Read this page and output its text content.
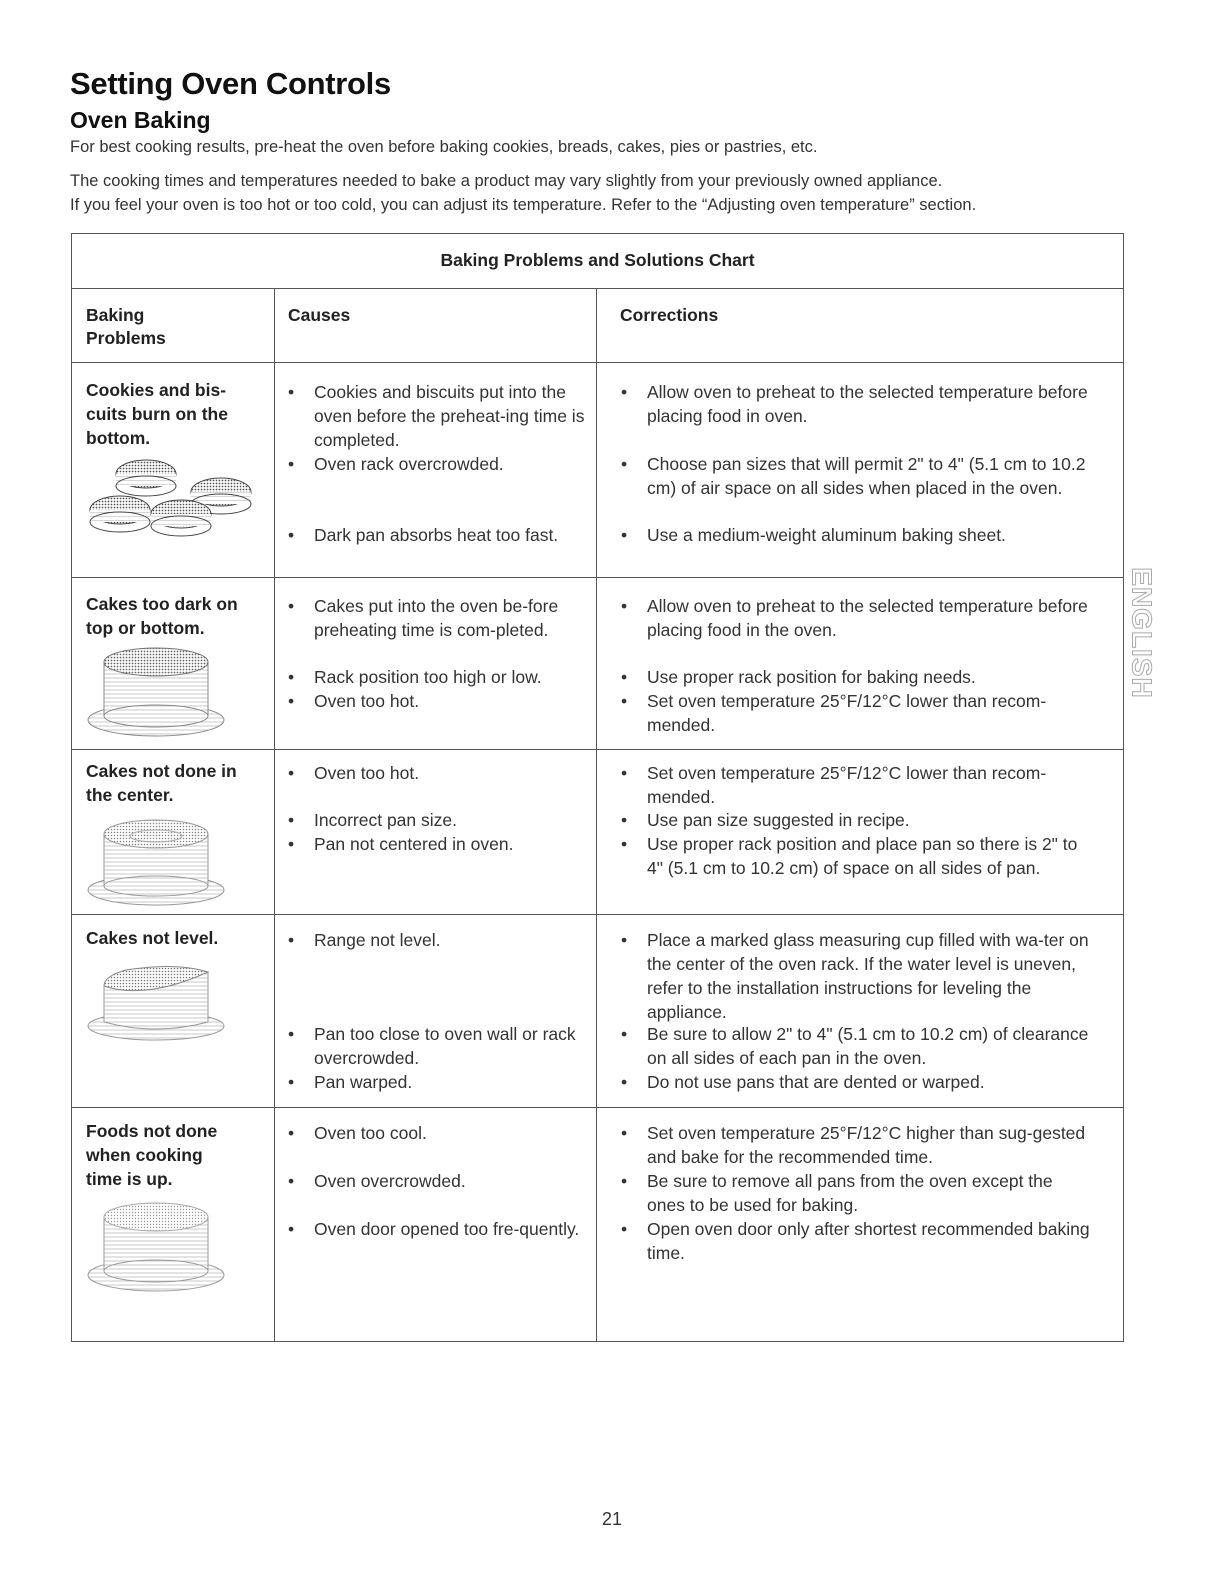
Setting Oven Controls
Oven Baking
For best cooking results, pre-heat the oven before baking cookies, breads, cakes, pies or pastries, etc.
The cooking times and temperatures needed to bake a product may vary slightly from your previously owned appliance.
If you feel your oven is too hot or too cold, you can adjust its temperature. Refer to the “Adjusting oven temperature” section.
Baking Problems and Solutions Chart
Baking
Problems
Causes	Corrections
Cookies and bis-
cuits burn on the
bottom.
• Cookies and biscuits put into the oven before the preheat-ing time is completed.
• Oven rack overcrowded.
• Dark pan absorbs heat too fast.
• Allow oven to preheat to the selected temperature before placing food in oven.
• Choose pan sizes that will permit 2" to 4" (5.1 cm to 10.2 cm) of air space on all sides when placed in the oven.
• Use a medium-weight aluminum baking sheet.
Cakes too dark on
top or bottom.
• Cakes put into the oven be-fore preheating time is com-pleted.
• Rack position too high or low.
• Oven too hot.
• Allow oven to preheat to the selected temperature before placing food in the oven.
• Use proper rack position for baking needs.
• Set oven temperature 25°F/12°C lower than recom-mended.
Cakes not done in
the center.
• Oven too hot.
• Incorrect pan size.
• Pan not centered in oven.
• Set oven temperature 25°F/12°C lower than recom-mended.
• Use pan size suggested in recipe.
• Use proper rack position and place pan so there is 2" to 4" (5.1 cm to 10.2 cm) of space on all sides of pan.
Cakes not level.
•	Range not level.
• Pan too close to oven wall or rack overcrowded.
• Pan warped.
• Place a marked glass measuring cup filled with wa-ter on the center of the oven rack. If the water level is uneven, refer to the installation instructions for leveling the appliance.
• Be sure to allow 2" to 4" (5.1 cm to 10.2 cm) of clearance on all sides of each pan in the oven.
• Do not use pans that are dented or warped.
Foods not done
when cooking
time is up.
• Oven too cool.
• Oven overcrowded.
• Oven door opened too fre-quently.
• Set oven temperature 25°F/12°C higher than sug-gested and bake for the recommended time.
• Be sure to remove all pans from the oven except the ones to be used for baking.
• Open oven door only after shortest recommended baking time.
ENGLISH
21
